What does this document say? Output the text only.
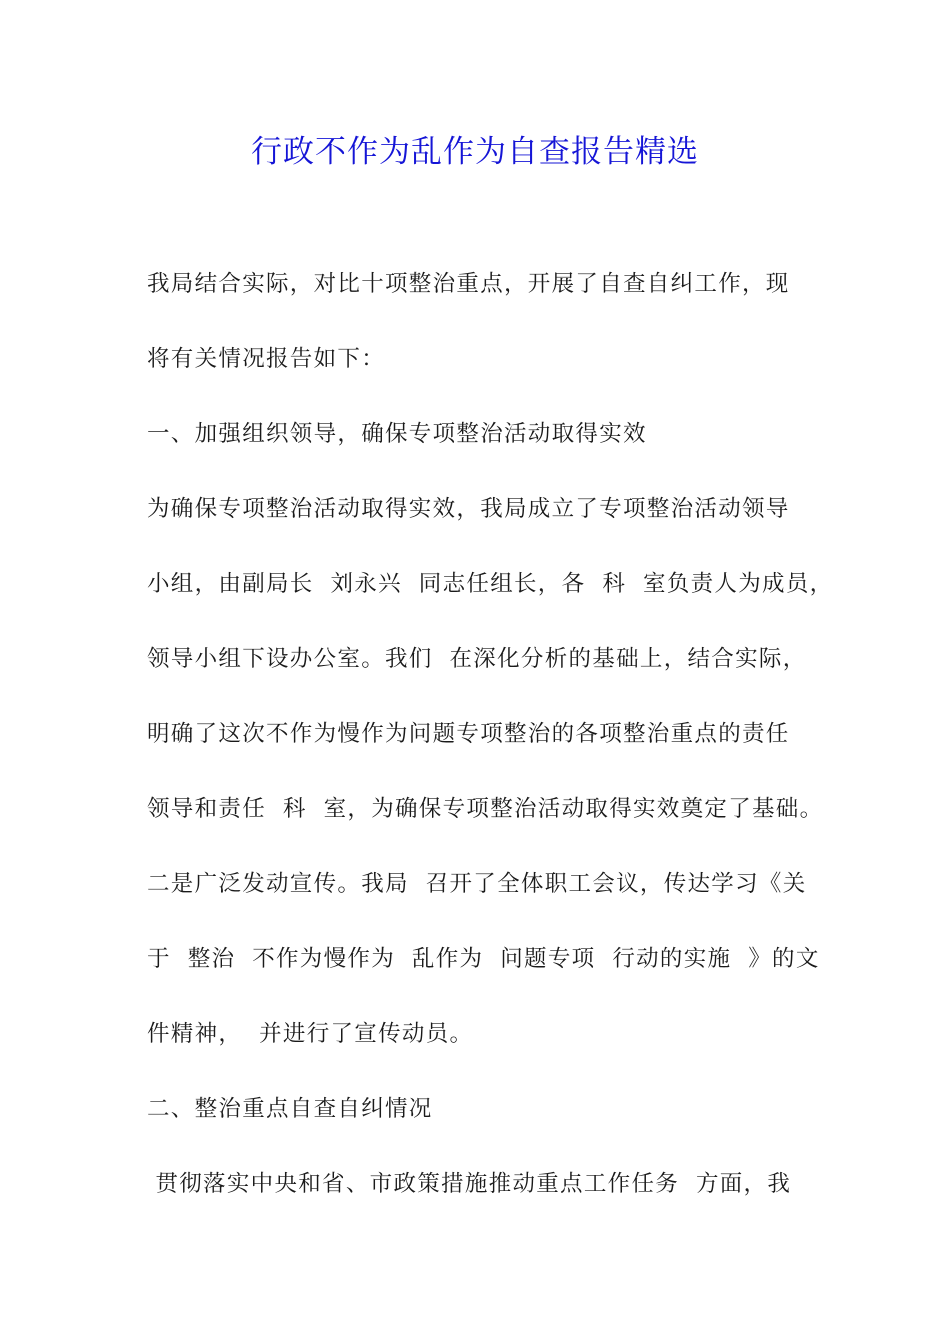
行政不作为乱作为自查报告精选
我局结合实际，对比十项整治重点，开展了自查自纠工作，现
将有关情况报告如下：
一、加强组织领导，确保专项整治活动取得实效
为确保专项整治活动取得实效，我局成立了专项整治活动领导
小组，由副局长  刘永兴  同志任组长，各  科  室负责人为成员，
领导小组下设办公室。我们  在深化分析的基础上，结合实际，
明确了这次不作为慢作为问题专项整治的各项整治重点的责任
领导和责任  科  室，为确保专项整治活动取得实效奠定了基础。
二是广泛发动宣传。我局  召开了全体职工会议，传达学习《关
于  整治  不作为慢作为  乱作为  问题专项  行动的实施  》的文
件精神，  并进行了宣传动员。
二、整治重点自查自纠情况
贯彻落实中央和省、市政策措施推动重点工作任务  方面，我
